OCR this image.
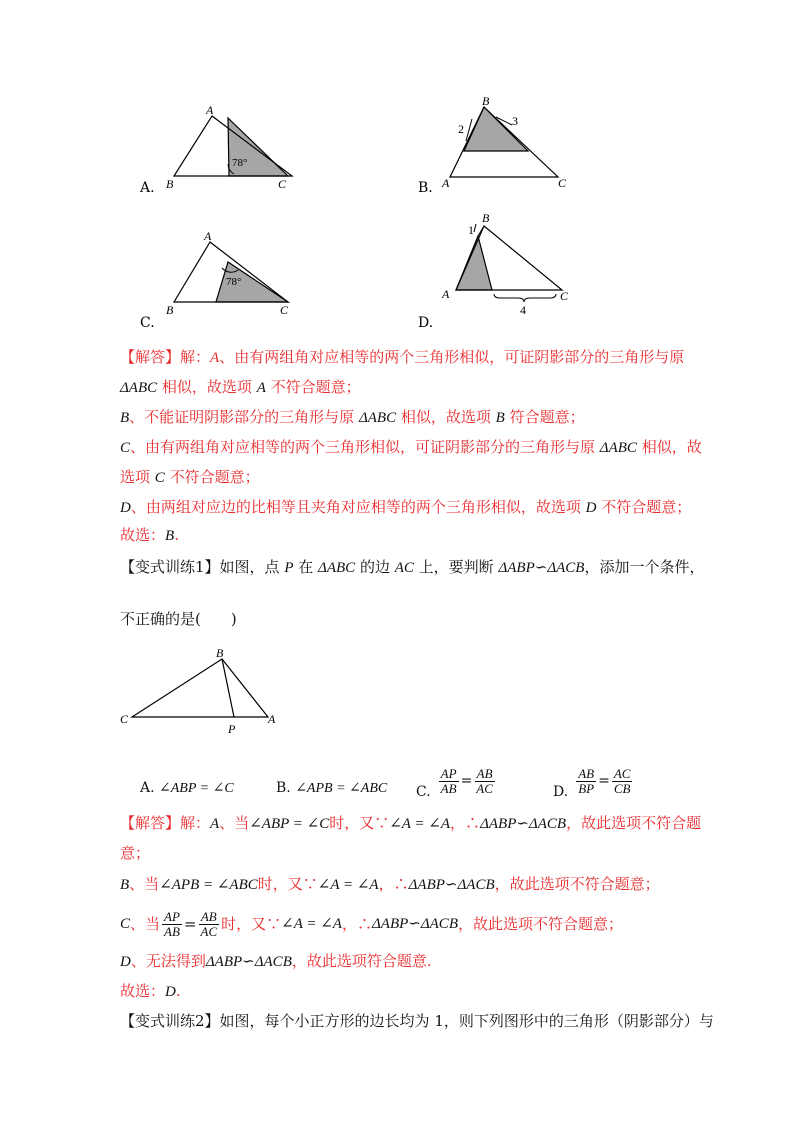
A.
A
B	C
78°
B.
B
A	C
2
3
C.
A
B	C
78°
D.
B
A	C
1
4
【解答】解：A、由有两组角对应相等的两个三角形相似，可证阴影部分的三角形与原
ΔABC 相似，故选项 A 不符合题意；
B、不能证明阴影部分的三角形与原 ΔABC 相似，故选项 B 符合题意；
C、由有两组角对应相等的两个三角形相似，可证阴影部分的三角形与原 ΔABC 相似，故
选项 C 不符合题意；
D、由两组对应边的比相等且夹角对应相等的两个三角形相似，故选项 D 不符合题意；
故选：B.
【变式训练1】如图，点 P 在 ΔABC 的边 AC 上，要判断 ΔABP∽ΔACB，添加一个条件，
不正确的是(　　)
B
C
P
A
A. ∠ABP = ∠C	B. ∠APB = ∠ABC C. $\frac{AP}{AB} = \frac{AB}{AC}$	D. $\frac{AB}{BP} = \frac{AC}{CB}$
【解答】解：A、当∠ABP = ∠C时，又∵∠A = ∠A，∴ΔABP∽ΔACB，故此选项不符合题
意；
B、当∠APB = ∠ABC时，又∵∠A = ∠A，∴ΔABP∽ΔACB，故此选项不符合题意；
C 、当 $\frac{AP}{AB} = \frac{AB}{AC}$ 时，又∵ ∠A = ∠A ，∴ ΔABP∽ΔACB ，故此选项不符合题意；
D、无法得到ΔABP∽ΔACB，故此选项符合题意.
故选：D.
【变式训练2】如图，每个小正方形的边长均为 1，则下列图形中的三角形（阴影部分）与
